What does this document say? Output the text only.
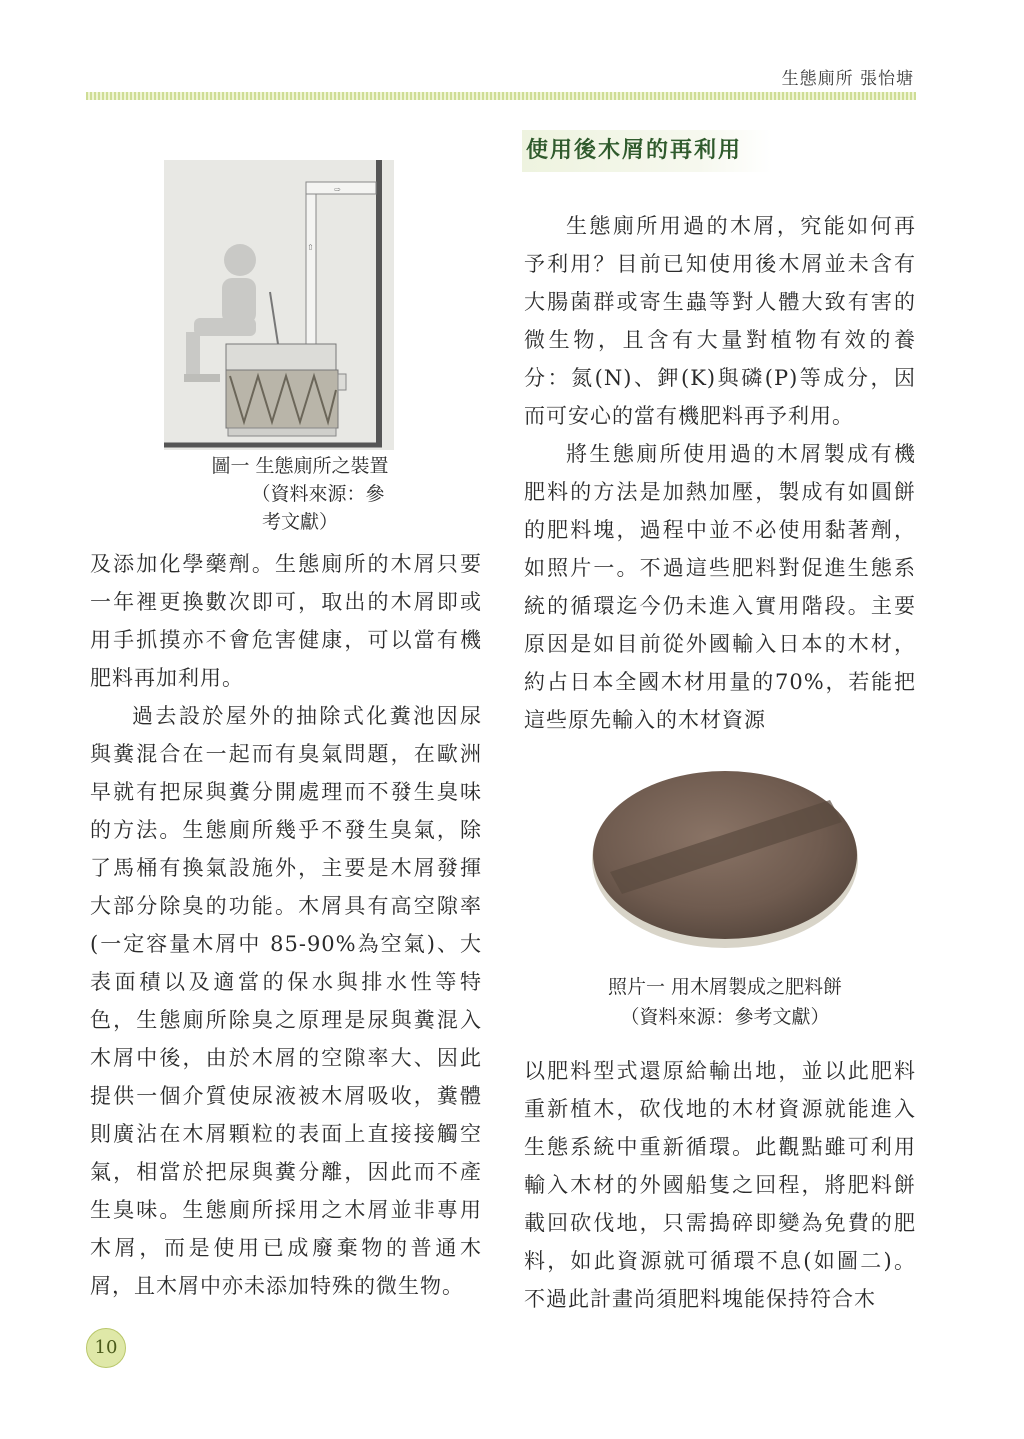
生態廁所 張怡塘
⇨
⇧
圖一 生態廁所之裝置
（資料來源：參
考文獻）
使用後木屑的再利用

生態廁所用過的木屑，究能如何再予利用？目前已知使用後木屑並未含有大腸菌群或寄生蟲等對人體大致有害的微生物，且含有大量對植物有效的養分：氮(N)、鉀(K)與磷(P)等成分，因而可安心的當有機肥料再予利用。

將生態廁所使用過的木屑製成有機肥料的方法是加熱加壓，製成有如圓餅的肥料塊，過程中並不必使用黏著劑，如照片一。不過這些肥料對促進生態系統的循環迄今仍未進入實用階段。主要原因是如目前從外國輸入日本的木材，約占日本全國木材用量的70%，若能把這些原先輸入的木材資源

及添加化學藥劑。生態廁所的木屑只要一年裡更換數次即可，取出的木屑即或用手抓摸亦不會危害健康，可以當有機肥料再加利用。

過去設於屋外的抽除式化糞池因尿與糞混合在一起而有臭氣問題，在歐洲早就有把尿與糞分開處理而不發生臭味的方法。生態廁所幾乎不發生臭氣，除了馬桶有換氣設施外，主要是木屑發揮大部分除臭的功能。木屑具有高空隙率 (一定容量木屑中 85-90%為空氣)、大表面積以及適當的保水與排水性等特色，生態廁所除臭之原理是尿與糞混入木屑中後，由於木屑的空隙率大、因此提供一個介質使尿液被木屑吸收，糞體則廣沾在木屑顆粒的表面上直接接觸空氣，相當於把尿與糞分離，因此而不產生臭味。生態廁所採用之木屑並非專用木屑，而是使用已成廢棄物的普通木屑，且木屑中亦未添加特殊的微生物。

照片一 用木屑製成之肥料餅
（資料來源：參考文獻）

以肥料型式還原給輸出地，並以此肥料重新植木，砍伐地的木材資源就能進入生態系統中重新循環。此觀點雖可利用輸入木材的外國船隻之回程，將肥料餅載回砍伐地，只需搗碎即變為免費的肥料，如此資源就可循環不息(如圖二)。不過此計畫尚須肥料塊能保持符合木

10
